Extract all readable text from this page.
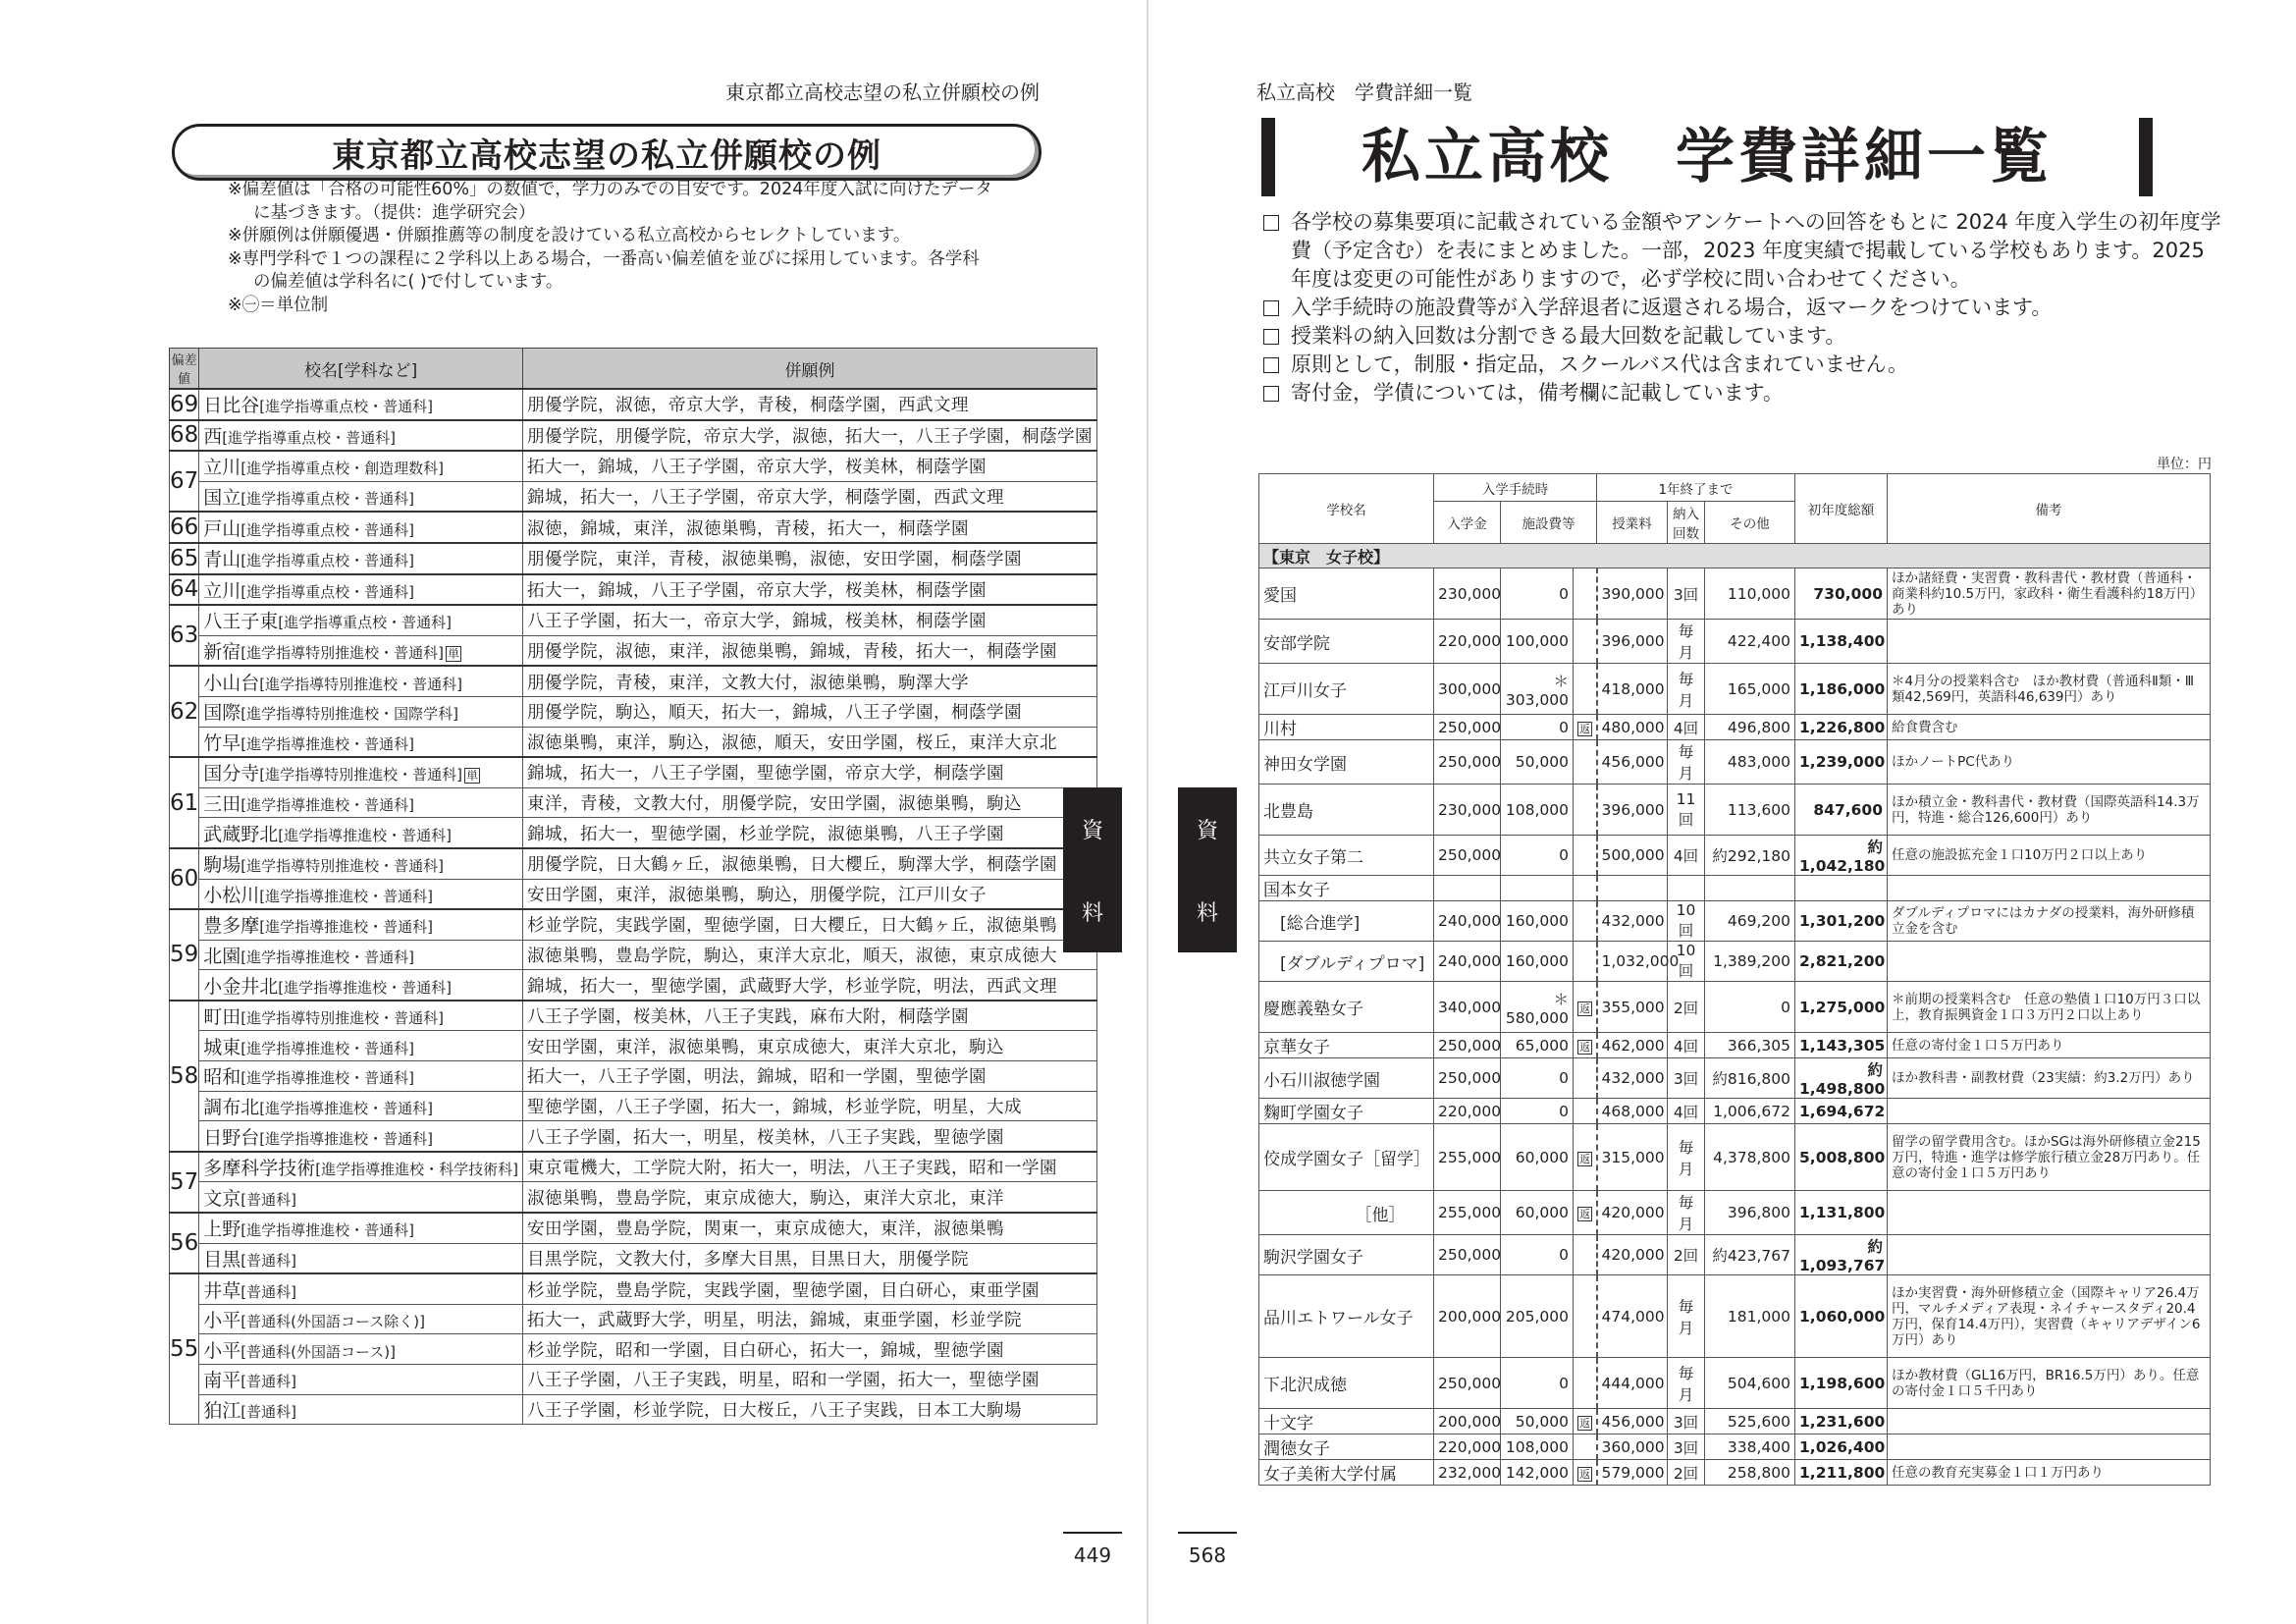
東京都立高校志望の私立併願校の例
東京都立高校志望の私立併願校の例
※偏差値は「合格の可能性60%」の数値で，学力のみでの目安です。2024年度入試に向けたデータに基づきます。（提供：進学研究会）
※併願例は併願優遇・併願推薦等の制度を設けている私立高校からセレクトしています。
※専門学科で１つの課程に２学科以上ある場合，一番高い偏差値を並びに採用しています。各学科の偏差値は学科名に( )で付しています。
※㊀＝単位制
偏差値	校名[学科など]	併願例
69	日比谷[進学指導重点校・普通科]	朋優学院，淑徳，帝京大学，青稜，桐蔭学園，西武文理
68	西[進学指導重点校・普通科]	朋優学院，朋優学院，帝京大学，淑徳，拓大一，八王子学園，桐蔭学園
67	立川[進学指導重点校・創造理数科]	拓大一，錦城，八王子学園，帝京大学，桜美林，桐蔭学園
	国立[進学指導重点校・普通科]	錦城，拓大一，八王子学園，帝京大学，桐蔭学園，西武文理
66	戸山[進学指導重点校・普通科]	淑徳，錦城，東洋，淑徳巣鴨，青稜，拓大一，桐蔭学園
65	青山[進学指導重点校・普通科]	朋優学院，東洋，青稜，淑徳巣鴨，淑徳，安田学園，桐蔭学園
64	立川[進学指導重点校・普通科]	拓大一，錦城，八王子学園，帝京大学，桜美林，桐蔭学園
63	八王子東[進学指導重点校・普通科]	八王子学園，拓大一，帝京大学，錦城，桜美林，桐蔭学園
	新宿[進学指導特別推進校・普通科] 単	朋優学院，淑徳，東洋，淑徳巣鴨，錦城，青稜，拓大一，桐蔭学園
62	小山台[進学指導特別推進校・普通科]	朋優学院，青稜，東洋，文教大付，淑徳巣鴨，駒澤大学
	国際[進学指導特別推進校・国際学科]	朋優学院，駒込，順天，拓大一，錦城，八王子学園，桐蔭学園
	竹早[進学指導推進校・普通科]	淑徳巣鴨，東洋，駒込，淑徳，順天，安田学園，桜丘，東洋大京北
61	国分寺[進学指導特別推進校・普通科] 単	錦城，拓大一，八王子学園，聖徳学園，帝京大学，桐蔭学園
	三田[進学指導推進校・普通科]	東洋，青稜，文教大付，朋優学院，安田学園，淑徳巣鴨，駒込
	武蔵野北[進学指導推進校・普通科]	錦城，拓大一，聖徳学園，杉並学院，淑徳巣鴨，八王子学園
60	駒場[進学指導特別推進校・普通科]	朋優学院，日大鶴ヶ丘，淑徳巣鴨，日大櫻丘，駒澤大学，桐蔭学園
	小松川[進学指導推進校・普通科]	安田学園，東洋，淑徳巣鴨，駒込，朋優学院，江戸川女子
59	豊多摩[進学指導推進校・普通科]	杉並学院，実践学園，聖徳学園，日大櫻丘，日大鶴ヶ丘，淑徳巣鴨
	北園[進学指導推進校・普通科]	淑徳巣鴨，豊島学院，駒込，東洋大京北，順天，淑徳，東京成徳大
	小金井北[進学指導推進校・普通科]	錦城，拓大一，聖徳学園，武蔵野大学，杉並学院，明法，西武文理
58	町田[進学指導特別推進校・普通科]	八王子学園，桜美林，八王子実践，麻布大附，桐蔭学園
	城東[進学指導推進校・普通科]	安田学園，東洋，淑徳巣鴨，東京成徳大，東洋大京北，駒込
	昭和[進学指導推進校・普通科]	拓大一，八王子学園，明法，錦城，昭和一学園，聖徳学園
	調布北[進学指導推進校・普通科]	聖徳学園，八王子学園，拓大一，錦城，杉並学院，明星，大成
	日野台[進学指導推進校・普通科]	八王子学園，拓大一，明星，桜美林，八王子実践，聖徳学園
57	多摩科学技術[進学指導推進校・科学技術科]	東京電機大，工学院大附，拓大一，明法，八王子実践，昭和一学園
	文京[普通科]	淑徳巣鴨，豊島学院，東京成徳大，駒込，東洋大京北，東洋
56	上野[進学指導推進校・普通科]	安田学園，豊島学院，関東一，東京成徳大，東洋，淑徳巣鴨
	目黒[普通科]	目黒学院，文教大付，多摩大目黒，目黒日大，朋優学院
55	井草[普通科]	杉並学院，豊島学院，実践学園，聖徳学園，目白研心，東亜学園
	小平[普通科(外国語コース除く)]	拓大一，武蔵野大学，明星，明法，錦城，東亜学園，杉並学院
	小平[普通科(外国語コース)]	杉並学院，昭和一学園，目白研心，拓大一，錦城，聖徳学園
	南平[普通科]	八王子学園，八王子実践，明星，昭和一学園，拓大一，聖徳学園
	狛江[普通科]	八王子学園，杉並学院，日大桜丘，八王子実践，日本工大駒場
資
料
449
私立高校　学費詳細一覧
私立高校　学費詳細一覧
各学校の募集要項に記載されている金額やアンケートへの回答をもとに 2024 年度入学生の初年度学費（予定含む）を表にまとめました。一部，2023 年度実績で掲載している学校もあります。2025 年度は変更の可能性がありますので，必ず学校に問い合わせてください。
入学手続時の施設費等が入学辞退者に返還される場合，返マークをつけています。
授業料の納入回数は分割できる最大回数を記載しています。
原則として，制服・指定品，スクールバス代は含まれていません。
寄付金，学債については，備考欄に記載しています。
単位：円
学校名	入学手続時			1年終了まで			初年度総額	備考
	入学金	施設費等		授業料	納入回数	その他		
【東京　女子校】								
愛国	230,000	0		390,000	3回	110,000	730,000	ほか諸経費・実習費・教科書代・教材費（普通科・商業科約10.5万円，家政科・衛生看護科約18万円）あり
安部学院	220,000	100,000		396,000	毎月	422,400	1,138,400	
江戸川女子	300,000	＊303,000		418,000	毎月	165,000	1,186,000	＊4月分の授業料含む　ほか教材費（普通科Ⅱ類・Ⅲ類42,569円，英語科46,639円）あり
川村	250,000	0	返	480,000	4回	496,800	1,226,800	給食費含む
神田女学園	250,000	50,000		456,000	毎月	483,000	1,239,000	ほかノートPC代あり
北豊島	230,000	108,000		396,000	11回	113,600	847,600	ほか積立金・教科書代・教材費（国際英語科14.3万円，特進・総合126,600円）あり
共立女子第二	250,000	0		500,000	4回	約292,180	約1,042,180	任意の施設拡充金１口10万円２口以上あり
国本女子								
　[総合進学]	240,000	160,000		432,000	10回	469,200	1,301,200	ダブルディプロマにはカナダの授業料，海外研修積立金を含む
　[ダブルディプロマ]	240,000	160,000		1,032,000	10回	1,389,200	2,821,200	
慶應義塾女子	340,000	＊580,000	返	355,000	2回	0	1,275,000	＊前期の授業料含む　任意の塾債１口10万円３口以上，教育振興資金１口３万円２口以上あり
京華女子	250,000	65,000	返	462,000	4回	366,305	1,143,305	任意の寄付金１口５万円あり
小石川淑徳学園	250,000	0		432,000	3回	約816,800	約1,498,800	ほか教科書・副教材費（23実績：約3.2万円）あり
麴町学園女子	220,000	0		468,000	4回	1,006,672	1,694,672	
佼成学園女子［留学］	255,000	60,000	返	315,000	毎月	4,378,800	5,008,800	留学の留学費用含む。ほかSGは海外研修積立金215万円，特進・進学は修学旅行積立金28万円あり。任意の寄付金１口５万円あり
　　　　　　［他］	255,000	60,000	返	420,000	毎月	396,800	1,131,800	
駒沢学園女子	250,000	0		420,000	2回	約423,767	約1,093,767	
品川エトワール女子	200,000	205,000		474,000	毎月	181,000	1,060,000	ほか実習費・海外研修積立金（国際キャリア26.4万円，マルチメディア表現・ネイチャースタディ20.4万円，保育14.4万円），実習費（キャリアデザイン6万円）あり
下北沢成徳	250,000	0		444,000	毎月	504,600	1,198,600	ほか教材費（GL16万円，BR16.5万円）あり。任意の寄付金１口５千円あり
十文字	200,000	50,000	返	456,000	3回	525,600	1,231,600	
潤徳女子	220,000	108,000		360,000	3回	338,400	1,026,400	
女子美術大学付属	232,000	142,000	返	579,000	2回	258,800	1,211,800	任意の教育充実募金１口１万円あり
資
料
568
